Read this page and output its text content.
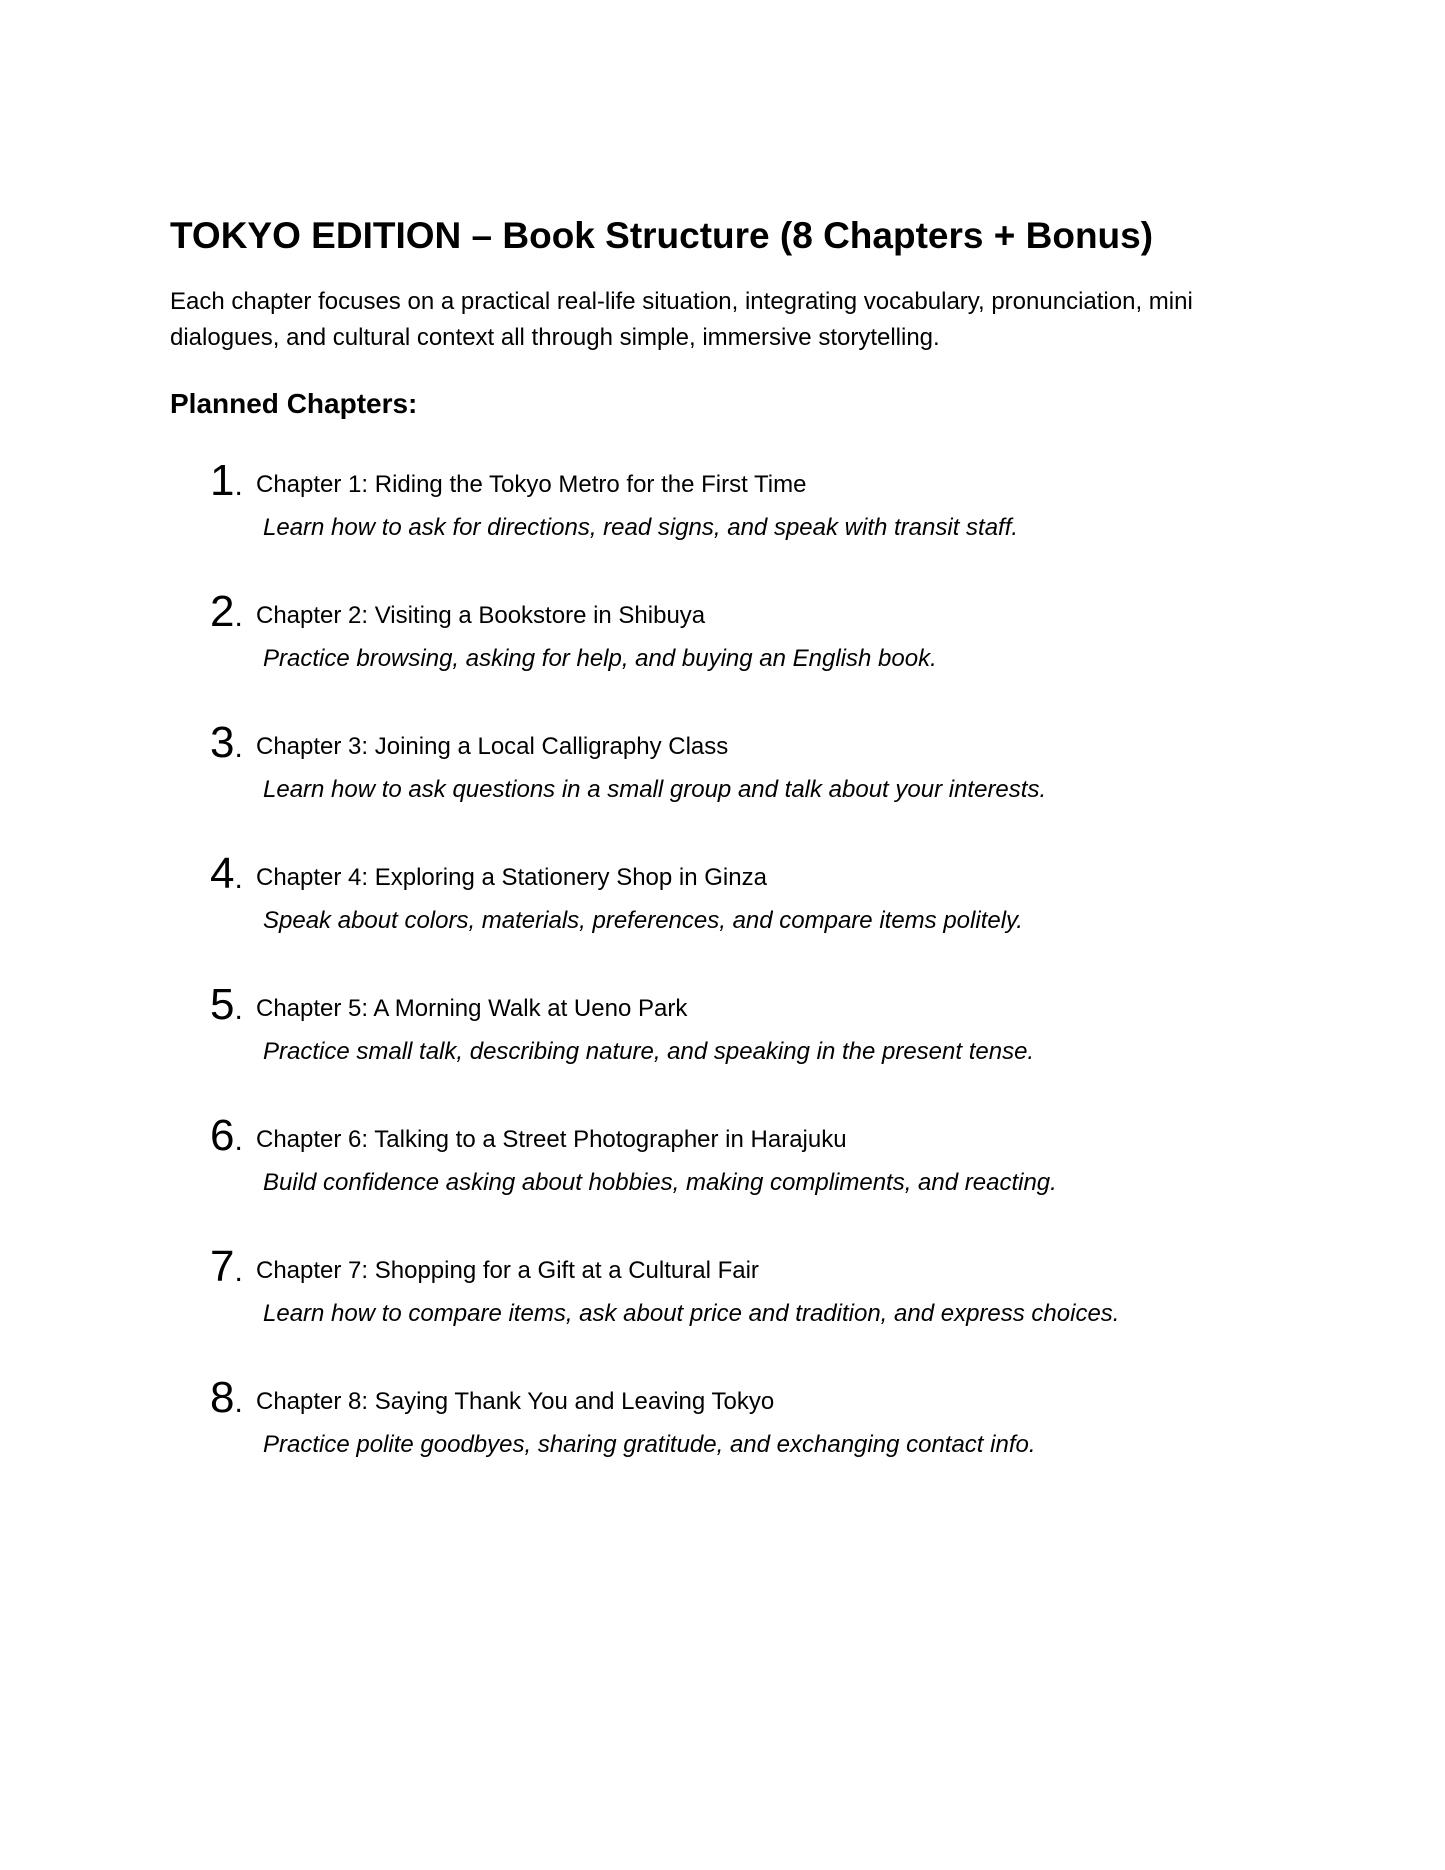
TOKYO EDITION – Book Structure (8 Chapters + Bonus)

Each chapter focuses on a practical real-life situation, integrating vocabulary, pronunciation, mini dialogues, and cultural context all through simple, immersive storytelling.

Planned Chapters:
1. Chapter 1: Riding the Tokyo Metro for the First Time
Learn how to ask for directions, read signs, and speak with transit staff.
2. Chapter 2: Visiting a Bookstore in Shibuya
Practice browsing, asking for help, and buying an English book.
3. Chapter 3: Joining a Local Calligraphy Class
Learn how to ask questions in a small group and talk about your interests.
4. Chapter 4: Exploring a Stationery Shop in Ginza
Speak about colors, materials, preferences, and compare items politely.
5. Chapter 5: A Morning Walk at Ueno Park
Practice small talk, describing nature, and speaking in the present tense.
6. Chapter 6: Talking to a Street Photographer in Harajuku
Build confidence asking about hobbies, making compliments, and reacting.
7. Chapter 7: Shopping for a Gift at a Cultural Fair
Learn how to compare items, ask about price and tradition, and express choices.
8. Chapter 8: Saying Thank You and Leaving Tokyo
Practice polite goodbyes, sharing gratitude, and exchanging contact info.
